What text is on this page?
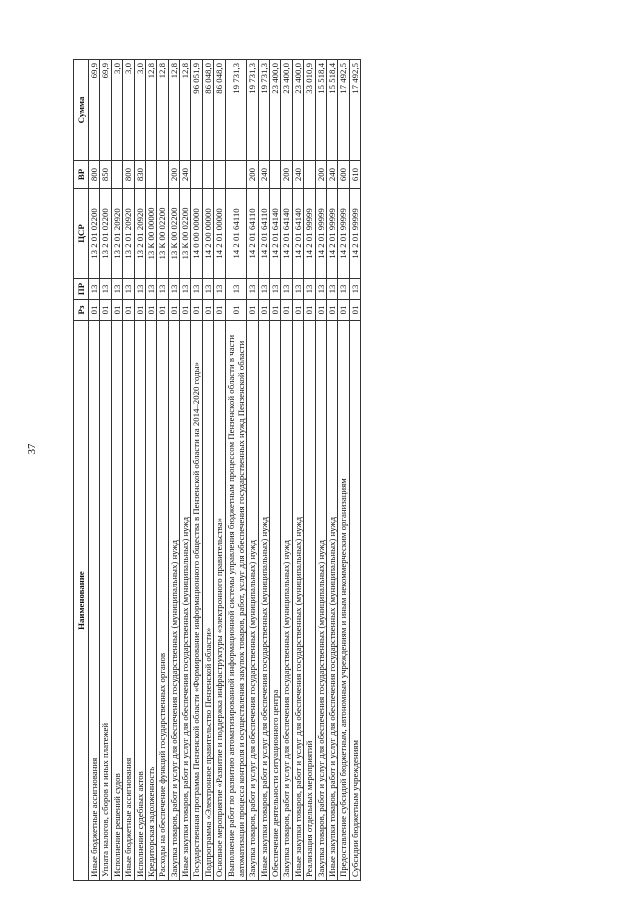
37
Наименование	Рз	ПР	ЦСР	ВР	Сумма
Иные бюджетные ассигнования	01	13	13 2 01 02200	800	69,9
Уплата налогов, сборов и иных платежей	01	13	13 2 01 02200	850	69,9
Исполнение решений судов	01	13	13 2 01 20920		3,0
Иные бюджетные ассигнования	01	13	13 2 01 20920	800	3,0
Исполнение судебных актов	01	13	13 2 01 20920	830	3,0
Кредиторская задолженность	01	13	13 К 00 00000		12,8
Расходы на обеспечение функций государственных органов	01	13	13 К 00 02200		12,8
Закупка товаров, работ и услуг для обеспечения государственных (муниципальных) нужд	01	13	13 К 00 02200	200	12,8
Иные закупки товаров, работ и услуг для обеспечения государственных (муниципальных) нужд	01	13	13 К 00 02200	240	12,8
Государственная программа Пензенской области «Формирование информационного общества в Пензенской области на 2014–2020 годы»	01	13	14 0 00 00000		96 051,9
Подпрограмма «Электронное правительство Пензенской области»	01	13	14 2 00 00000		86 048,0
Основное мероприятие «Развитие и поддержка инфраструктуры «электронного правительства»	01	13	14 2 01 00000		86 048,0
Выполнение работ по развитию автоматизированной информационной системы управления бюджетным процессом Пензенской области в части автоматизации процесса контроля и осуществления закупок товаров, работ, услуг для обеспечения государственных нужд Пензенской области	01	13	14 2 01 64110		19 731,3
Закупка товаров, работ и услуг для обеспечения государственных (муниципальных) нужд	01	13	14 2 01 64110	200	19 731,3
Иные закупки товаров, работ и услуг для обеспечения государственных (муниципальных) нужд	01	13	14 2 01 64110	240	19 731,3
Обеспечение деятельности ситуационного центра	01	13	14 2 01 64140		23 400,0
Закупка товаров, работ и услуг для обеспечения государственных (муниципальных) нужд	01	13	14 2 01 64140	200	23 400,0
Иные закупки товаров, работ и услуг для обеспечения государственных (муниципальных) нужд	01	13	14 2 01 64140	240	23 400,0
Реализация отдельных мероприятий	01	13	14 2 01 99999		33 010,9
Закупка товаров, работ и услуг для обеспечения государственных (муниципальных) нужд	01	13	14 2 01 99999	200	15 518,4
Иные закупки товаров, работ и услуг для обеспечения государственных (муниципальных) нужд	01	13	14 2 01 99999	240	15 518,4
Предоставление субсидий бюджетным, автономным учреждениям и иным некоммерческим организациям	01	13	14 2 01 99999	600	17 492,5
Субсидии бюджетным учреждениям	01	13	14 2 01 99999	610	17 492,5
